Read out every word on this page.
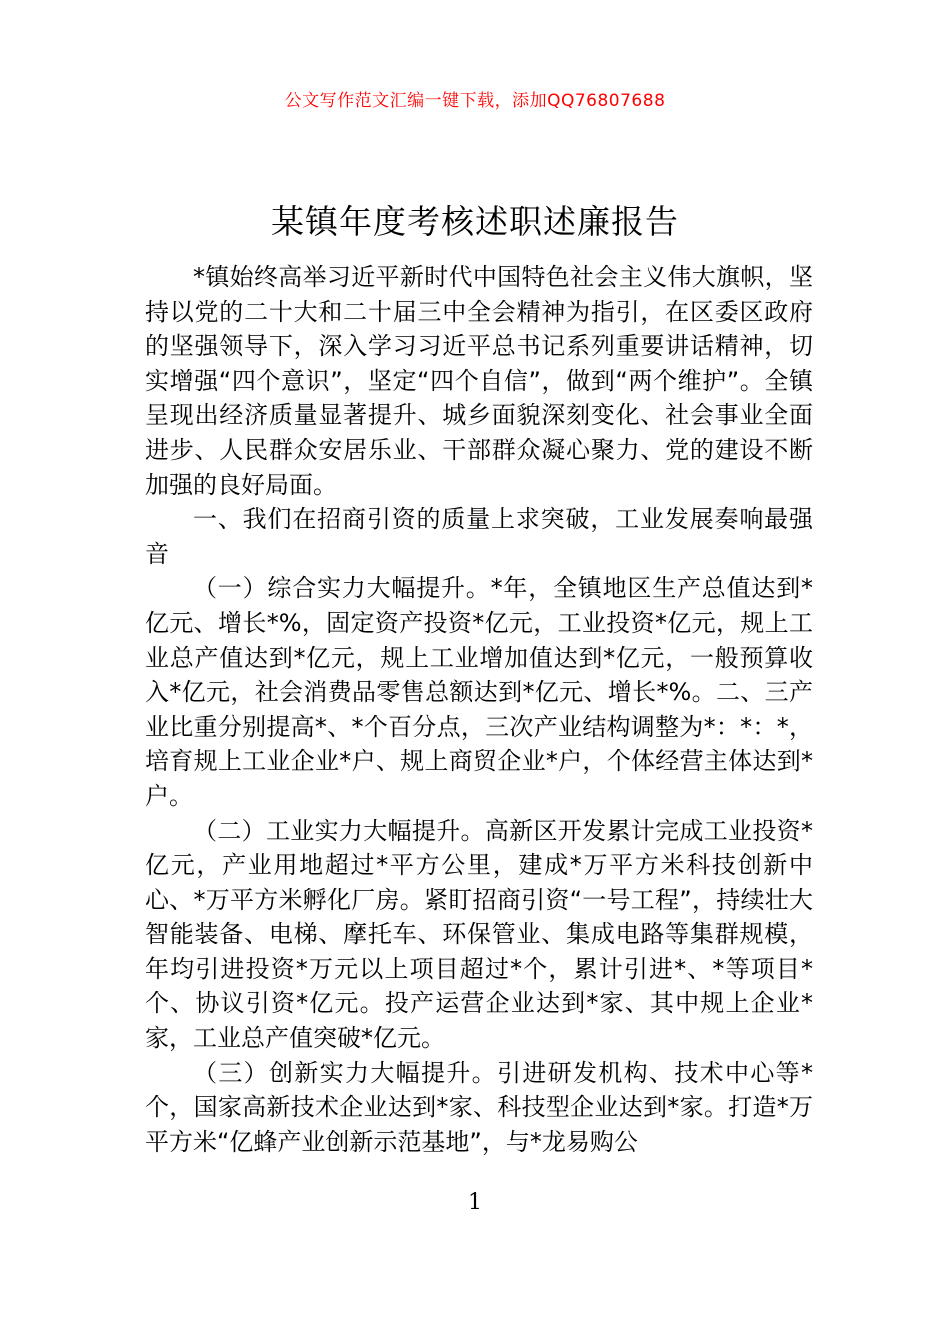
公文写作范文汇编一键下载，添加QQ76807688
某镇年度考核述职述廉报告

*镇始终高举习近平新时代中国特色社会主义伟大旗帜，坚持以党的二十大和二十届三中全会精神为指引，在区委区政府的坚强领导下，深入学习习近平总书记系列重要讲话精神，切实增强“四个意识”，坚定“四个自信”，做到“两个维护”。全镇呈现出经济质量显著提升、城乡面貌深刻变化、社会事业全面进步、人民群众安居乐业、干部群众凝心聚力、党的建设不断加强的良好局面。

一、我们在招商引资的质量上求突破，工业发展奏响最强音

（一）综合实力大幅提升。*年，全镇地区生产总值达到*亿元、增长*%，固定资产投资*亿元，工业投资*亿元，规上工业总产值达到*亿元，规上工业增加值达到*亿元，一般预算收入*亿元，社会消费品零售总额达到*亿元、增长*%。二、三产业比重分别提高*、*个百分点，三次产业结构调整为*：*：*，培育规上工业企业*户、规上商贸企业*户，个体经营主体达到*户。

（二）工业实力大幅提升。高新区开发累计完成工业投资*亿元，产业用地超过*平方公里，建成*万平方米科技创新中心、*万平方米孵化厂房。紧盯招商引资“一号工程”，持续壮大智能装备、电梯、摩托车、环保管业、集成电路等集群规模，年均引进投资*万元以上项目超过*个，累计引进*、*等项目*个、协议引资*亿元。投产运营企业达到*家、其中规上企业*家，工业总产值突破*亿元。

（三）创新实力大幅提升。引进研发机构、技术中心等*个，国家高新技术企业达到*家、科技型企业达到*家。打造*万平方米“亿蜂产业创新示范基地”，与*龙易购公

1
